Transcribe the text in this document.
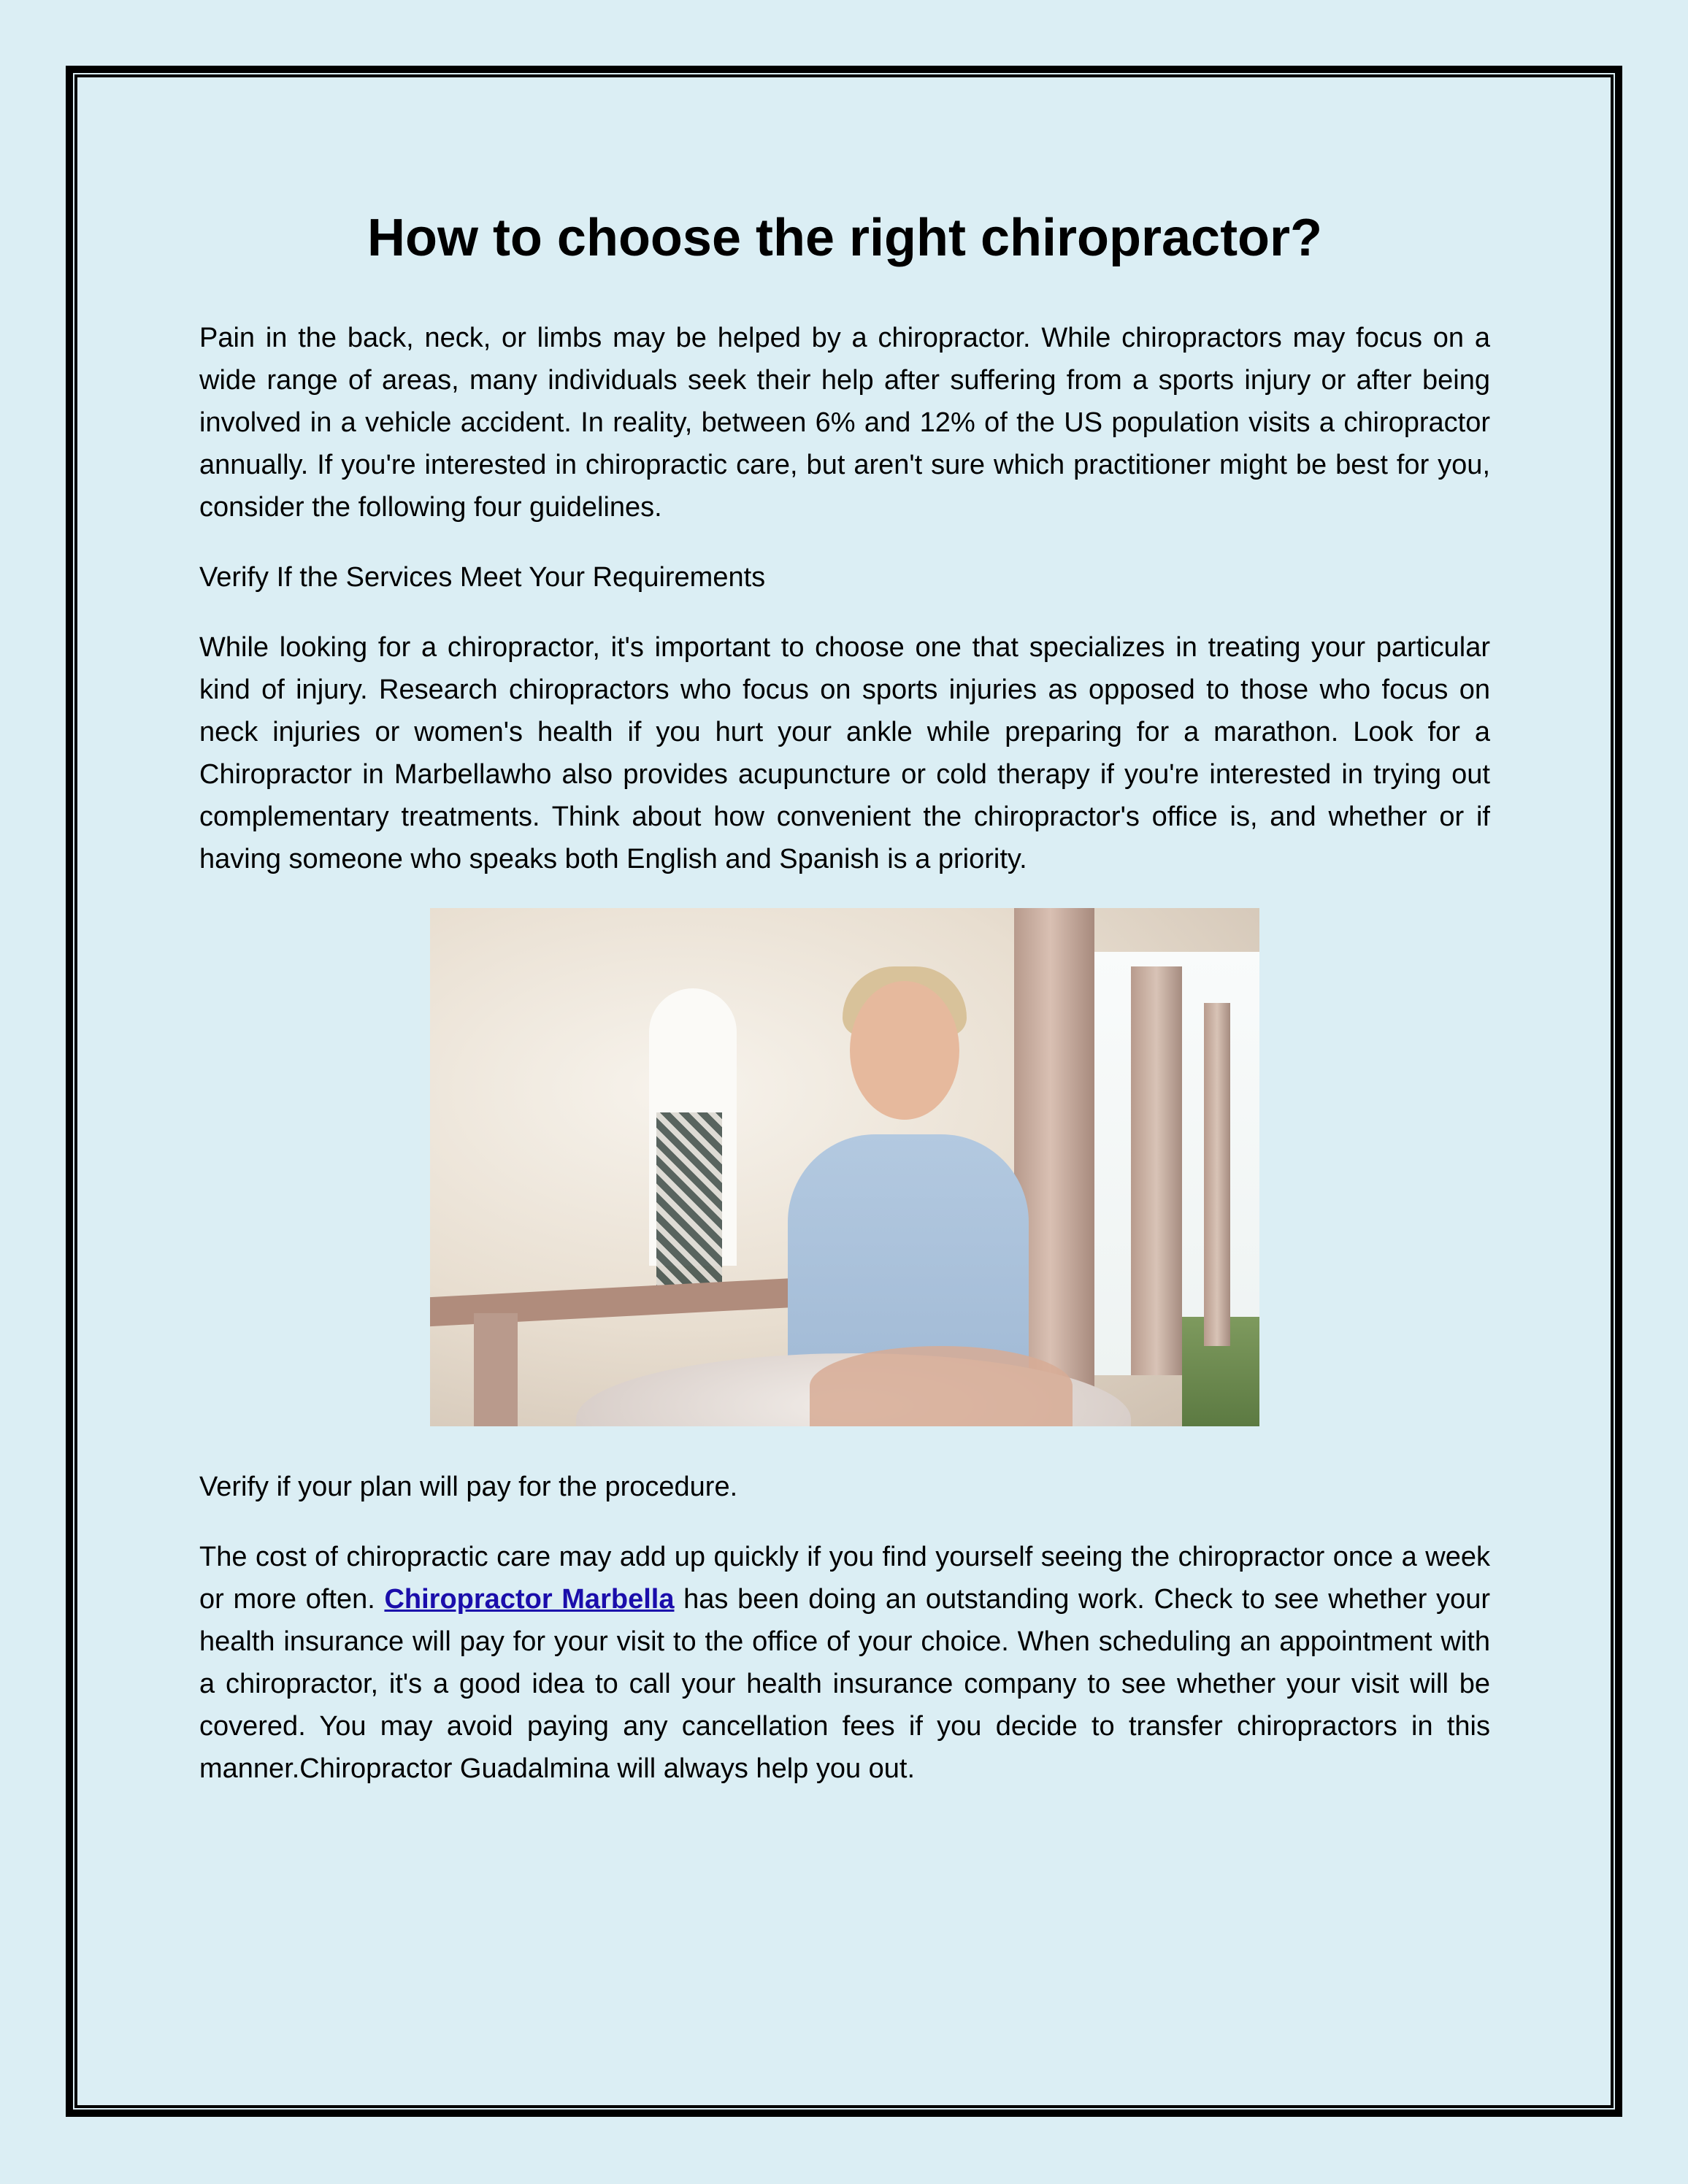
How to choose the right chiropractor?

Pain in the back, neck, or limbs may be helped by a chiropractor. While chiropractors may focus on a wide range of areas, many individuals seek their help after suffering from a sports injury or after being involved in a vehicle accident. In reality, between 6% and 12% of the US population visits a chiropractor annually. If you're interested in chiropractic care, but aren't sure which practitioner might be best for you, consider the following four guidelines.

Verify If the Services Meet Your Requirements

While looking for a chiropractor, it's important to choose one that specializes in treating your particular kind of injury. Research chiropractors who focus on sports injuries as opposed to those who focus on neck injuries or women's health if you hurt your ankle while preparing for a marathon. Look for a Chiropractor in Marbellawho also provides acupuncture or cold therapy if you're interested in trying out complementary treatments. Think about how convenient the chiropractor's office is, and whether or if having someone who speaks both English and Spanish is a priority.

Verify if your plan will pay for the procedure.

The cost of chiropractic care may add up quickly if you find yourself seeing the chiropractor once a week or more often. Chiropractor Marbella has been doing an outstanding work. Check to see whether your health insurance will pay for your visit to the office of your choice. When scheduling an appointment with a chiropractor, it's a good idea to call your health insurance company to see whether your visit will be covered. You may avoid paying any cancellation fees if you decide to transfer chiropractors in this manner.Chiropractor Guadalmina will always help you out.
